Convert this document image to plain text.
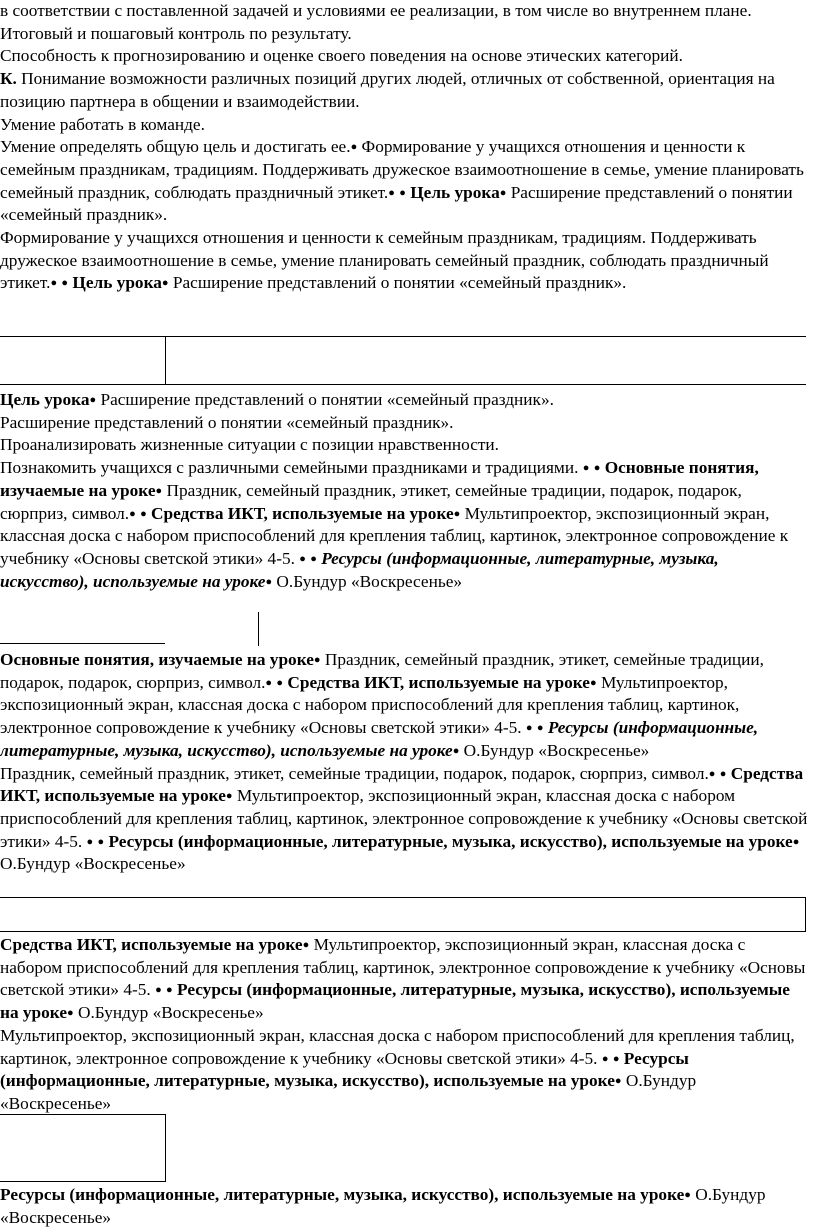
в соответствии с поставленной задачей и условиями ее реализации, в том числе во внутреннем плане.

Итоговый и пошаговый контроль по результату.

Способность к прогнозированию и оценке своего поведения на основе этических категорий.

К. Понимание возможности различных позиций других людей, отличных от собственной, ориентация на позицию партнера в общении и взаимодействии.

Умение работать в команде.

Умение определять общую цель и достигать ее.● Формирование у учащихся отношения и ценности к семейным праздникам, традициям. Поддерживать дружеское взаимоотношение в семье, умение планировать семейный праздник, соблюдать праздничный этикет.● ● Цель урока● Расширение представлений о понятии «семейный праздник».

Формирование у учащихся отношения и ценности к семейным праздникам, традициям. Поддерживать дружеское взаимоотношение в семье, умение планировать семейный праздник, соблюдать праздничный этикет.● ● Цель урока● Расширение представлений о понятии «семейный праздник».

Цель урока● Расширение представлений о понятии «семейный праздник».

Расширение представлений о понятии «семейный праздник».

Проанализировать жизненные ситуации с позиции нравственности.

Познакомить учащихся с различными семейными праздниками и традициями. ● ● Основные понятия, изучаемые на уроке● Праздник, семейный праздник, этикет, семейные традиции, подарок, подарок, сюрприз, символ.● ● Средства ИКТ, используемые на уроке● Мультипроектор, экспозиционный экран, классная доска с набором приспособлений для крепления таблиц, картинок, электронное сопровождение к учебнику «Основы светской этики» 4-5. ● ● Ресурсы (информационные, литературные, музыка, искусство), используемые на уроке● О.Бундур «Воскресенье»

Основные понятия, изучаемые на уроке● Праздник, семейный праздник, этикет, семейные традиции, подарок, подарок, сюрприз, символ.● ● Средства ИКТ, используемые на уроке● Мультипроектор, экспозиционный экран, классная доска с набором приспособлений для крепления таблиц, картинок, электронное сопровождение к учебнику «Основы светской этики» 4-5. ● ● Ресурсы (информационные, литературные, музыка, искусство), используемые на уроке● О.Бундур «Воскресенье»

Праздник, семейный праздник, этикет, семейные традиции, подарок, подарок, сюрприз, символ.● ● Средства ИКТ, используемые на уроке● Мультипроектор, экспозиционный экран, классная доска с набором приспособлений для крепления таблиц, картинок, электронное сопровождение к учебнику «Основы светской этики» 4-5. ● ● Ресурсы (информационные, литературные, музыка, искусство), используемые на уроке● О.Бундур «Воскресенье»

Средства ИКТ, используемые на уроке● Мультипроектор, экспозиционный экран, классная доска с набором приспособлений для крепления таблиц, картинок, электронное сопровождение к учебнику «Основы светской этики» 4-5. ● ● Ресурсы (информационные, литературные, музыка, искусство), используемые на уроке● О.Бундур «Воскресенье»

Мультипроектор, экспозиционный экран, классная доска с набором приспособлений для крепления таблиц, картинок, электронное сопровождение к учебнику «Основы светской этики» 4-5. ● ● Ресурсы (информационные, литературные, музыка, искусство), используемые на уроке● О.Бундур «Воскресенье»

Ресурсы (информационные, литературные, музыка, искусство), используемые на уроке● О.Бундур «Воскресенье»
